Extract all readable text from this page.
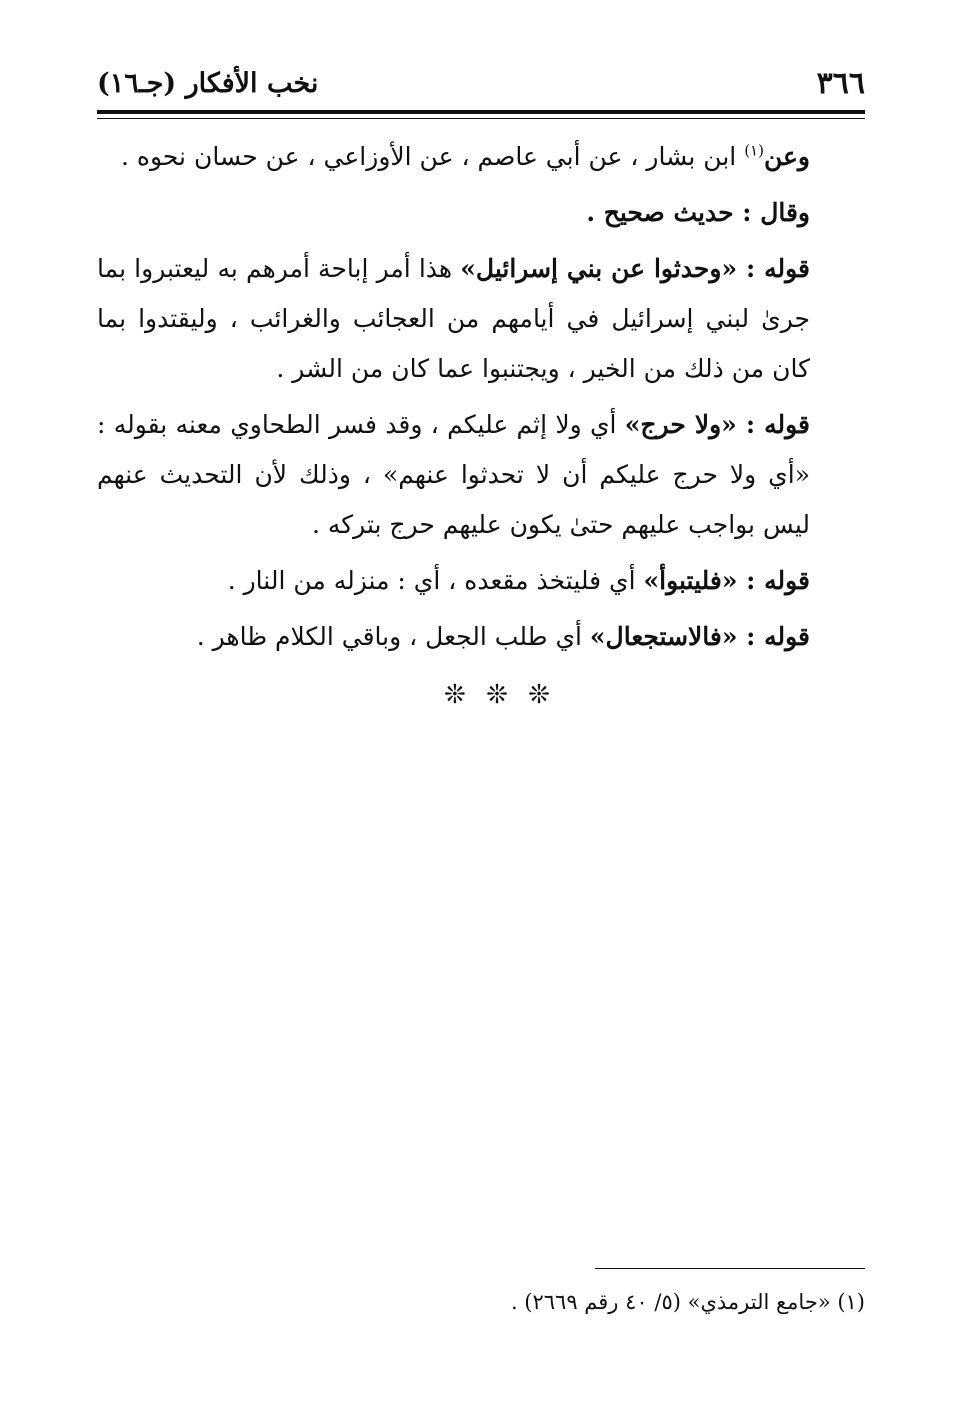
٣٦٦
نخب الأفكار (جـ١٦)

وعن$^{(١)}$ ابن بشار ، عن أبي عاصم ، عن الأوزاعي ، عن حسان نحوه .

وقال : حديث صحيح .

قوله : «وحدثوا عن بني إسرائيل» هذا أمر إباحة أمرهم به ليعتبروا بما جرىٰ لبني إسرائيل في أيامهم من العجائب والغرائب ، وليقتدوا بما كان من ذلك من الخير ، ويجتنبوا عما كان من الشر .

قوله : «ولا حرج» أي ولا إثم عليكم ، وقد فسر الطحاوي معنه بقوله : «أي ولا حرج عليكم أن لا تحدثوا عنهم» ، وذلك لأن التحديث عنهم ليس بواجب عليهم حتىٰ يكون عليهم حرج بتركه .

قوله : «فليتبوأ» أي فليتخذ مقعده ، أي : منزله من النار .

قوله : «فالاستجعال» أي طلب الجعل ، وباقي الكلام ظاهر .

❊ ❊ ❊
(١) «جامع الترمذي» (٥/ ٤٠ رقم ٢٦٦٩) .
